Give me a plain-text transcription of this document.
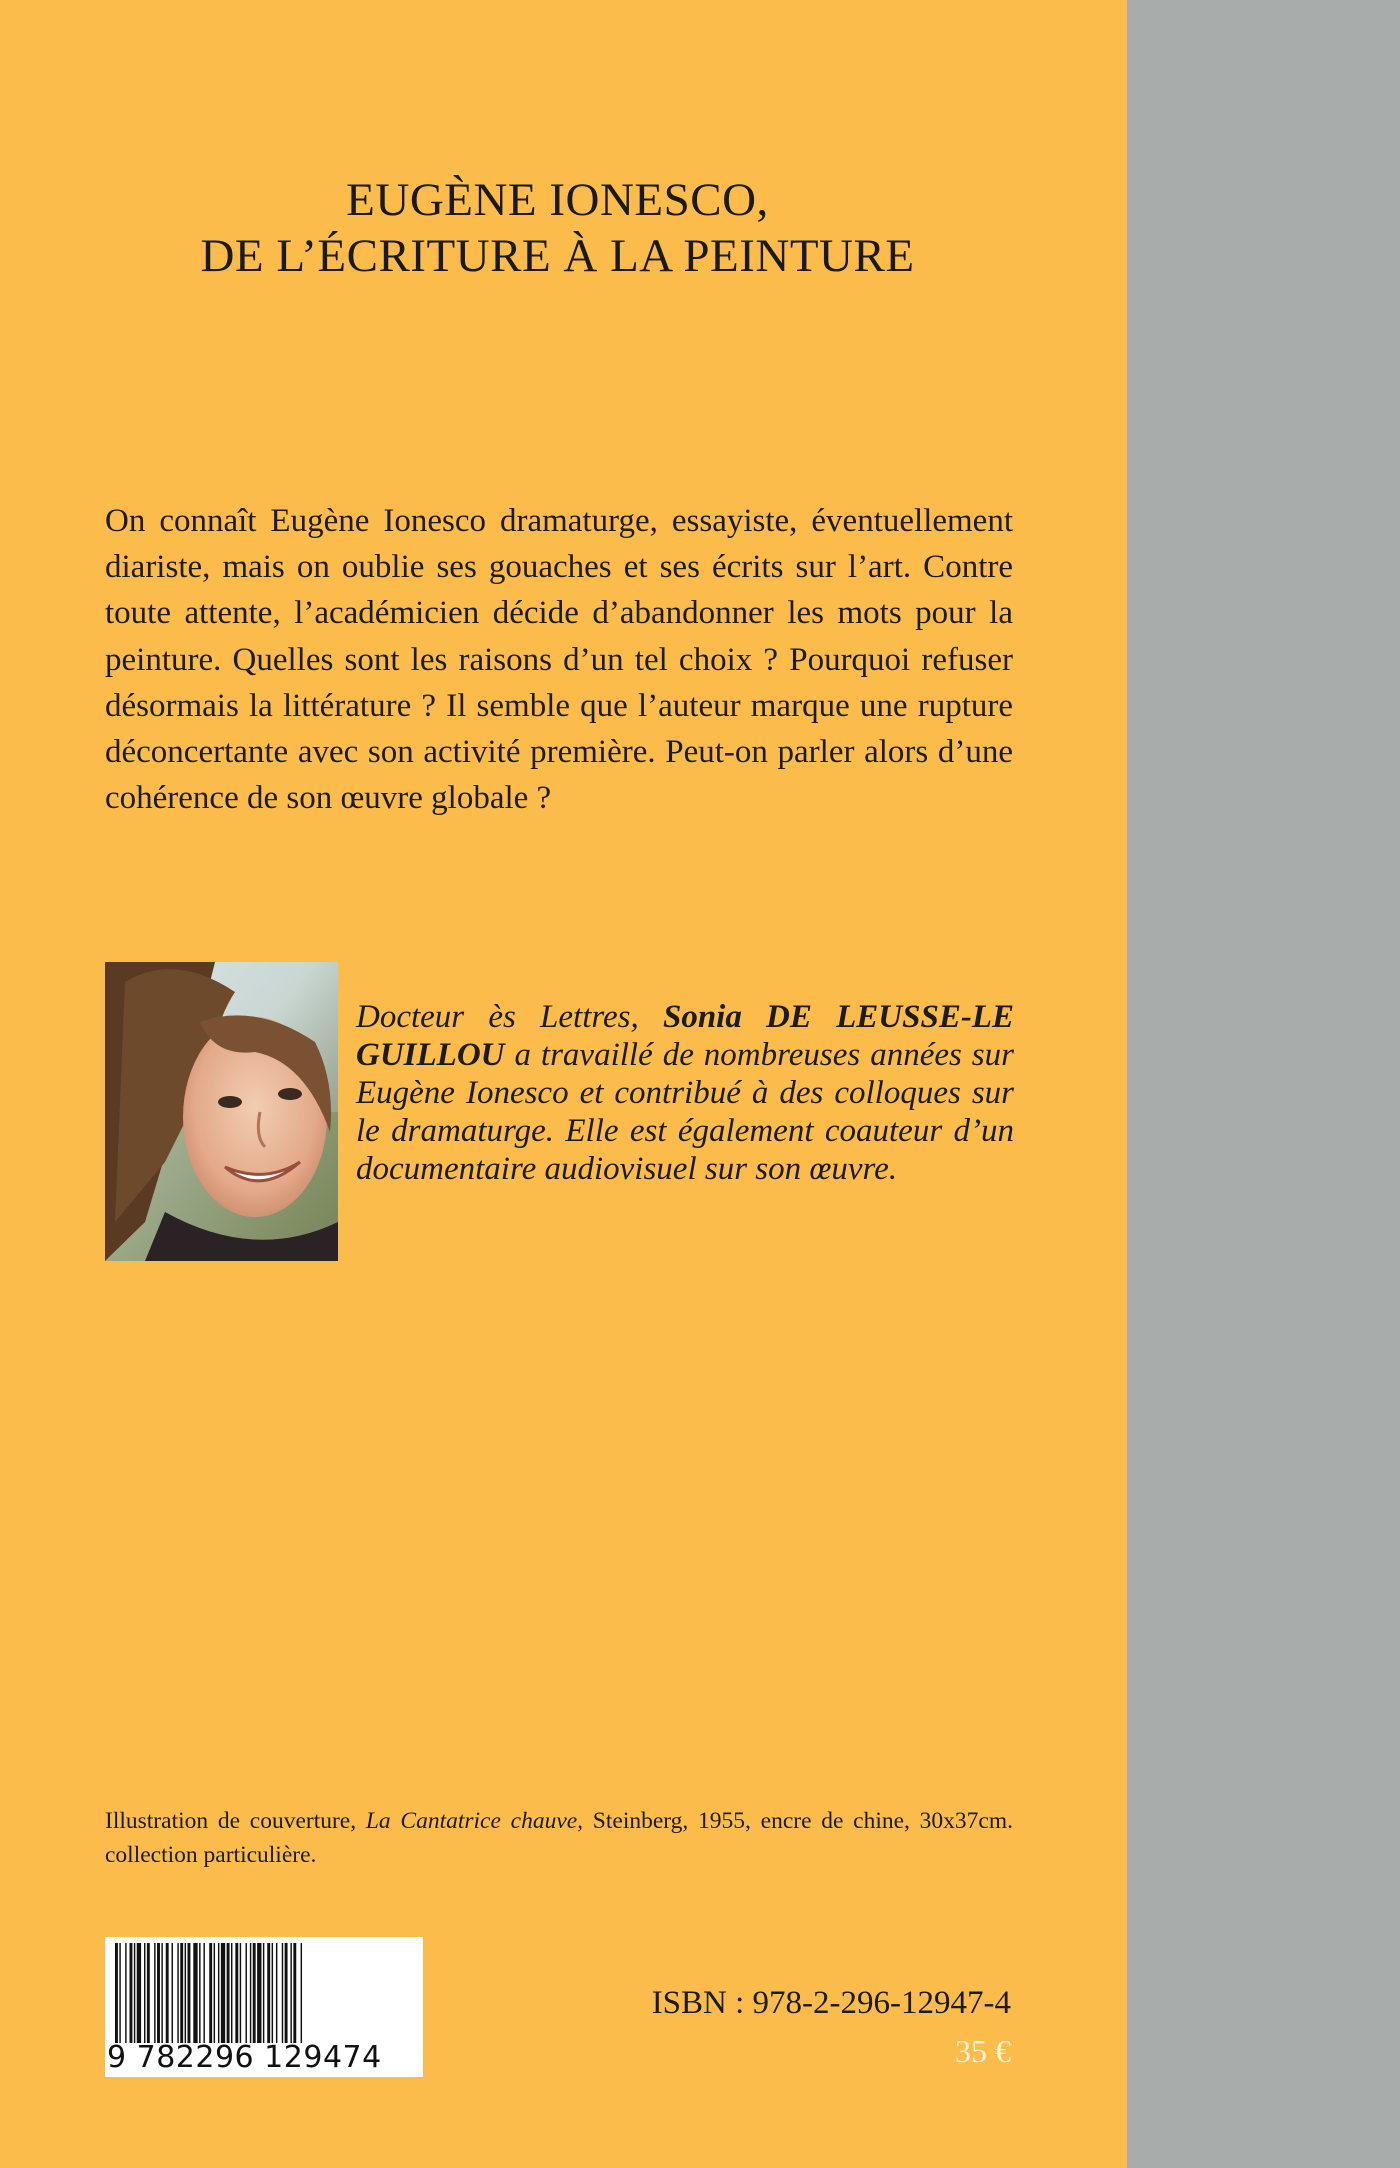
EUGÈNE IONESCO,
DE L’ÉCRITURE À LA PEINTURE

On connaît Eugène Ionesco dramaturge, essayiste, éventuellement diariste, mais on oublie ses gouaches et ses écrits sur l’art. Contre toute attente, l’académicien décide d’abandonner les mots pour la peinture. Quelles sont les raisons d’un tel choix ? Pourquoi refuser désormais la littérature ? Il semble que l’auteur marque une rupture déconcertante avec son activité première. Peut-on parler alors d’une cohérence de son œuvre globale ?

Docteur ès Lettres, Sonia DE LEUSSE-LE GUILLOU a travaillé de nombreuses années sur Eugène Ionesco et contribué à des colloques sur le dramaturge. Elle est également coauteur d’un documentaire audiovisuel sur son œuvre.
Illustration de couverture, La Cantatrice chauve, Steinberg, 1955, encre de chine, 30x37cm. collection particulière.
9 782296 129474
ISBN : 978-2-296-12947-4
35 €
